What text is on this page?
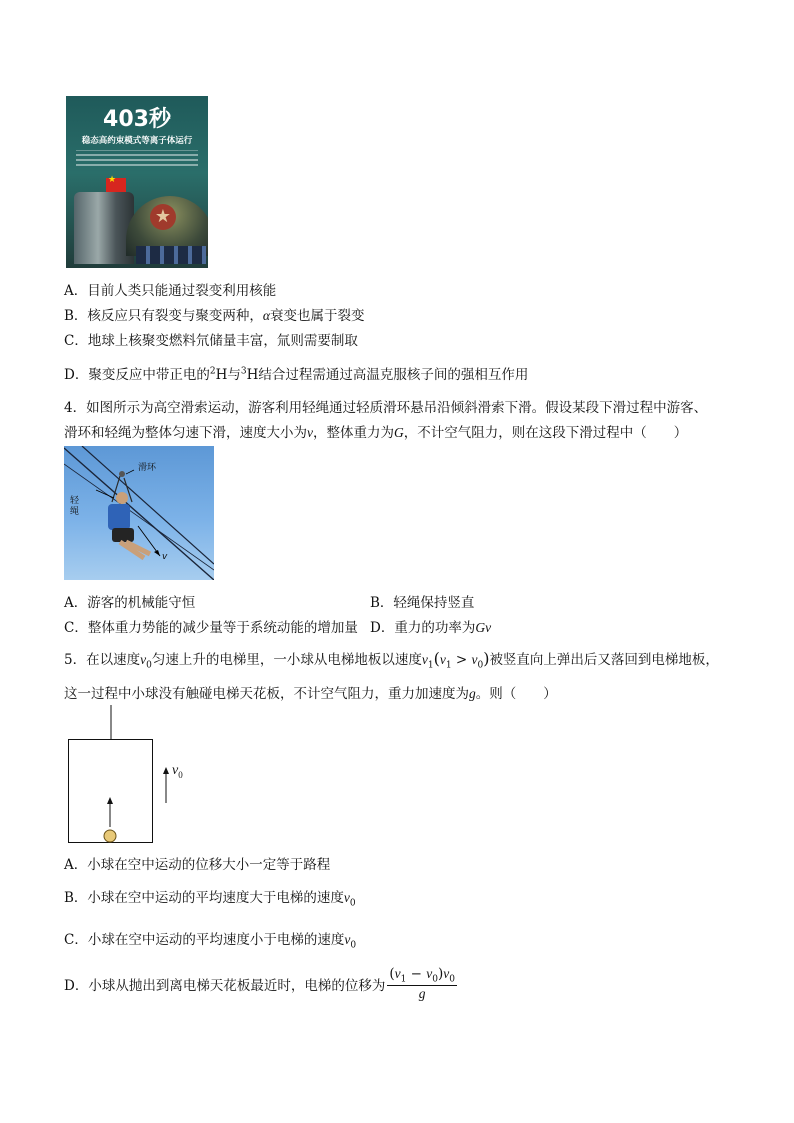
403秒
稳态高约束模式等离子体运行
★
★
A．目前人类只能通过裂变利用核能
B．核反应只有裂变与聚变两种，α衰变也属于裂变
C．地球上核聚变燃料氘储量丰富，氚则需要制取
D．聚变反应中带正电的$^2$H与$^3$H结合过程需通过高温克服核子间的强相互作用
4．如图所示为高空滑索运动，游客利用轻绳通过轻质滑环悬吊沿倾斜滑索下滑。假设某段下滑过程中游客、
滑环和轻绳为整体匀速下滑，速度大小为v，整体重力为G，不计空气阻力，则在这段下滑过程中（　　）
滑环
轻绳
v
A．游客的机械能守恒	B．轻绳保持竖直
C．整体重力势能的减少量等于系统动能的增加量 D．重力的功率为Gv
5．在以速度$v_0$匀速上升的电梯里，一小球从电梯地板以速度$v_1(v_1 > v_0)$被竖直向上弹出后又落回到电梯地板，
这一过程中小球没有触碰电梯天花板，不计空气阻力，重力加速度为g。则（　　）
$v_0$
A．小球在空中运动的位移大小一定等于路程
B．小球在空中运动的平均速度大于电梯的速度$v_0$
C．小球在空中运动的平均速度小于电梯的速度$v_0$
D．小球从抛出到离电梯天花板最近时，电梯的位移为 $\frac{(v_1 - v_0)v_0}{g}$
